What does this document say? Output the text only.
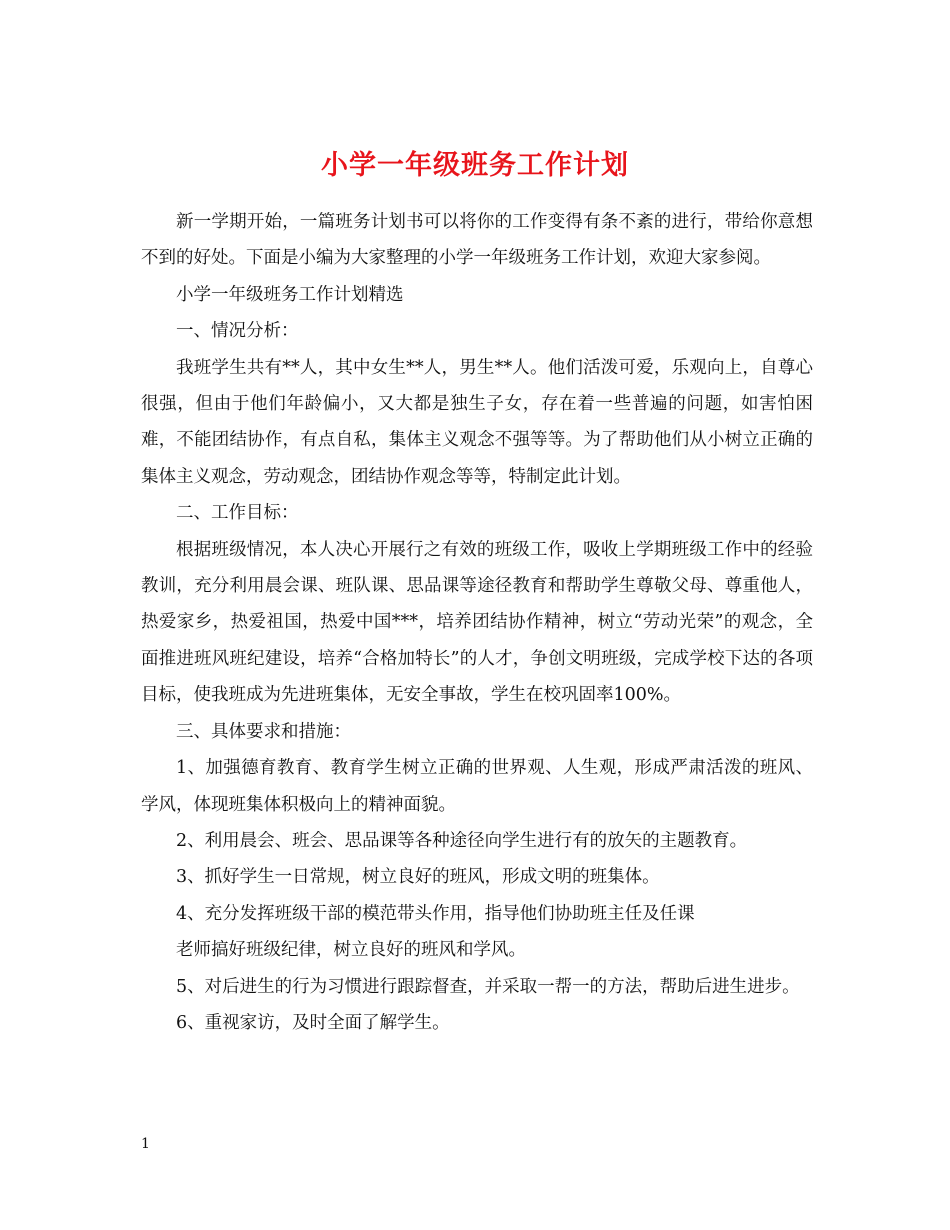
小学一年级班务工作计划

新一学期开始，一篇班务计划书可以将你的工作变得有条不紊的进行，带给你意想不到的好处。下面是小编为大家整理的小学一年级班务工作计划，欢迎大家参阅。

小学一年级班务工作计划精选

一、情况分析：

我班学生共有**人，其中女生**人，男生**人。他们活泼可爱，乐观向上，自尊心很强，但由于他们年龄偏小，又大都是独生子女，存在着一些普遍的问题，如害怕困难，不能团结协作，有点自私，集体主义观念不强等等。为了帮助他们从小树立正确的集体主义观念，劳动观念，团结协作观念等等，特制定此计划。

二、工作目标：

根据班级情况，本人决心开展行之有效的班级工作，吸收上学期班级工作中的经验教训，充分利用晨会课、班队课、思品课等途径教育和帮助学生尊敬父母、尊重他人，热爱家乡，热爱祖国，热爱中国***，培养团结协作精神，树立“劳动光荣”的观念，全面推进班风班纪建设，培养“合格加特长”的人才，争创文明班级，完成学校下达的各项目标，使我班成为先进班集体，无安全事故，学生在校巩固率100%。

三、具体要求和措施：

1、加强德育教育、教育学生树立正确的世界观、人生观，形成严肃活泼的班风、学风，体现班集体积极向上的精神面貌。

2、利用晨会、班会、思品课等各种途径向学生进行有的放矢的主题教育。

3、抓好学生一日常规，树立良好的班风，形成文明的班集体。

4、充分发挥班级干部的模范带头作用，指导他们协助班主任及任课

老师搞好班级纪律，树立良好的班风和学风。

5、对后进生的行为习惯进行跟踪督查，并采取一帮一的方法，帮助后进生进步。

6、重视家访，及时全面了解学生。

1
